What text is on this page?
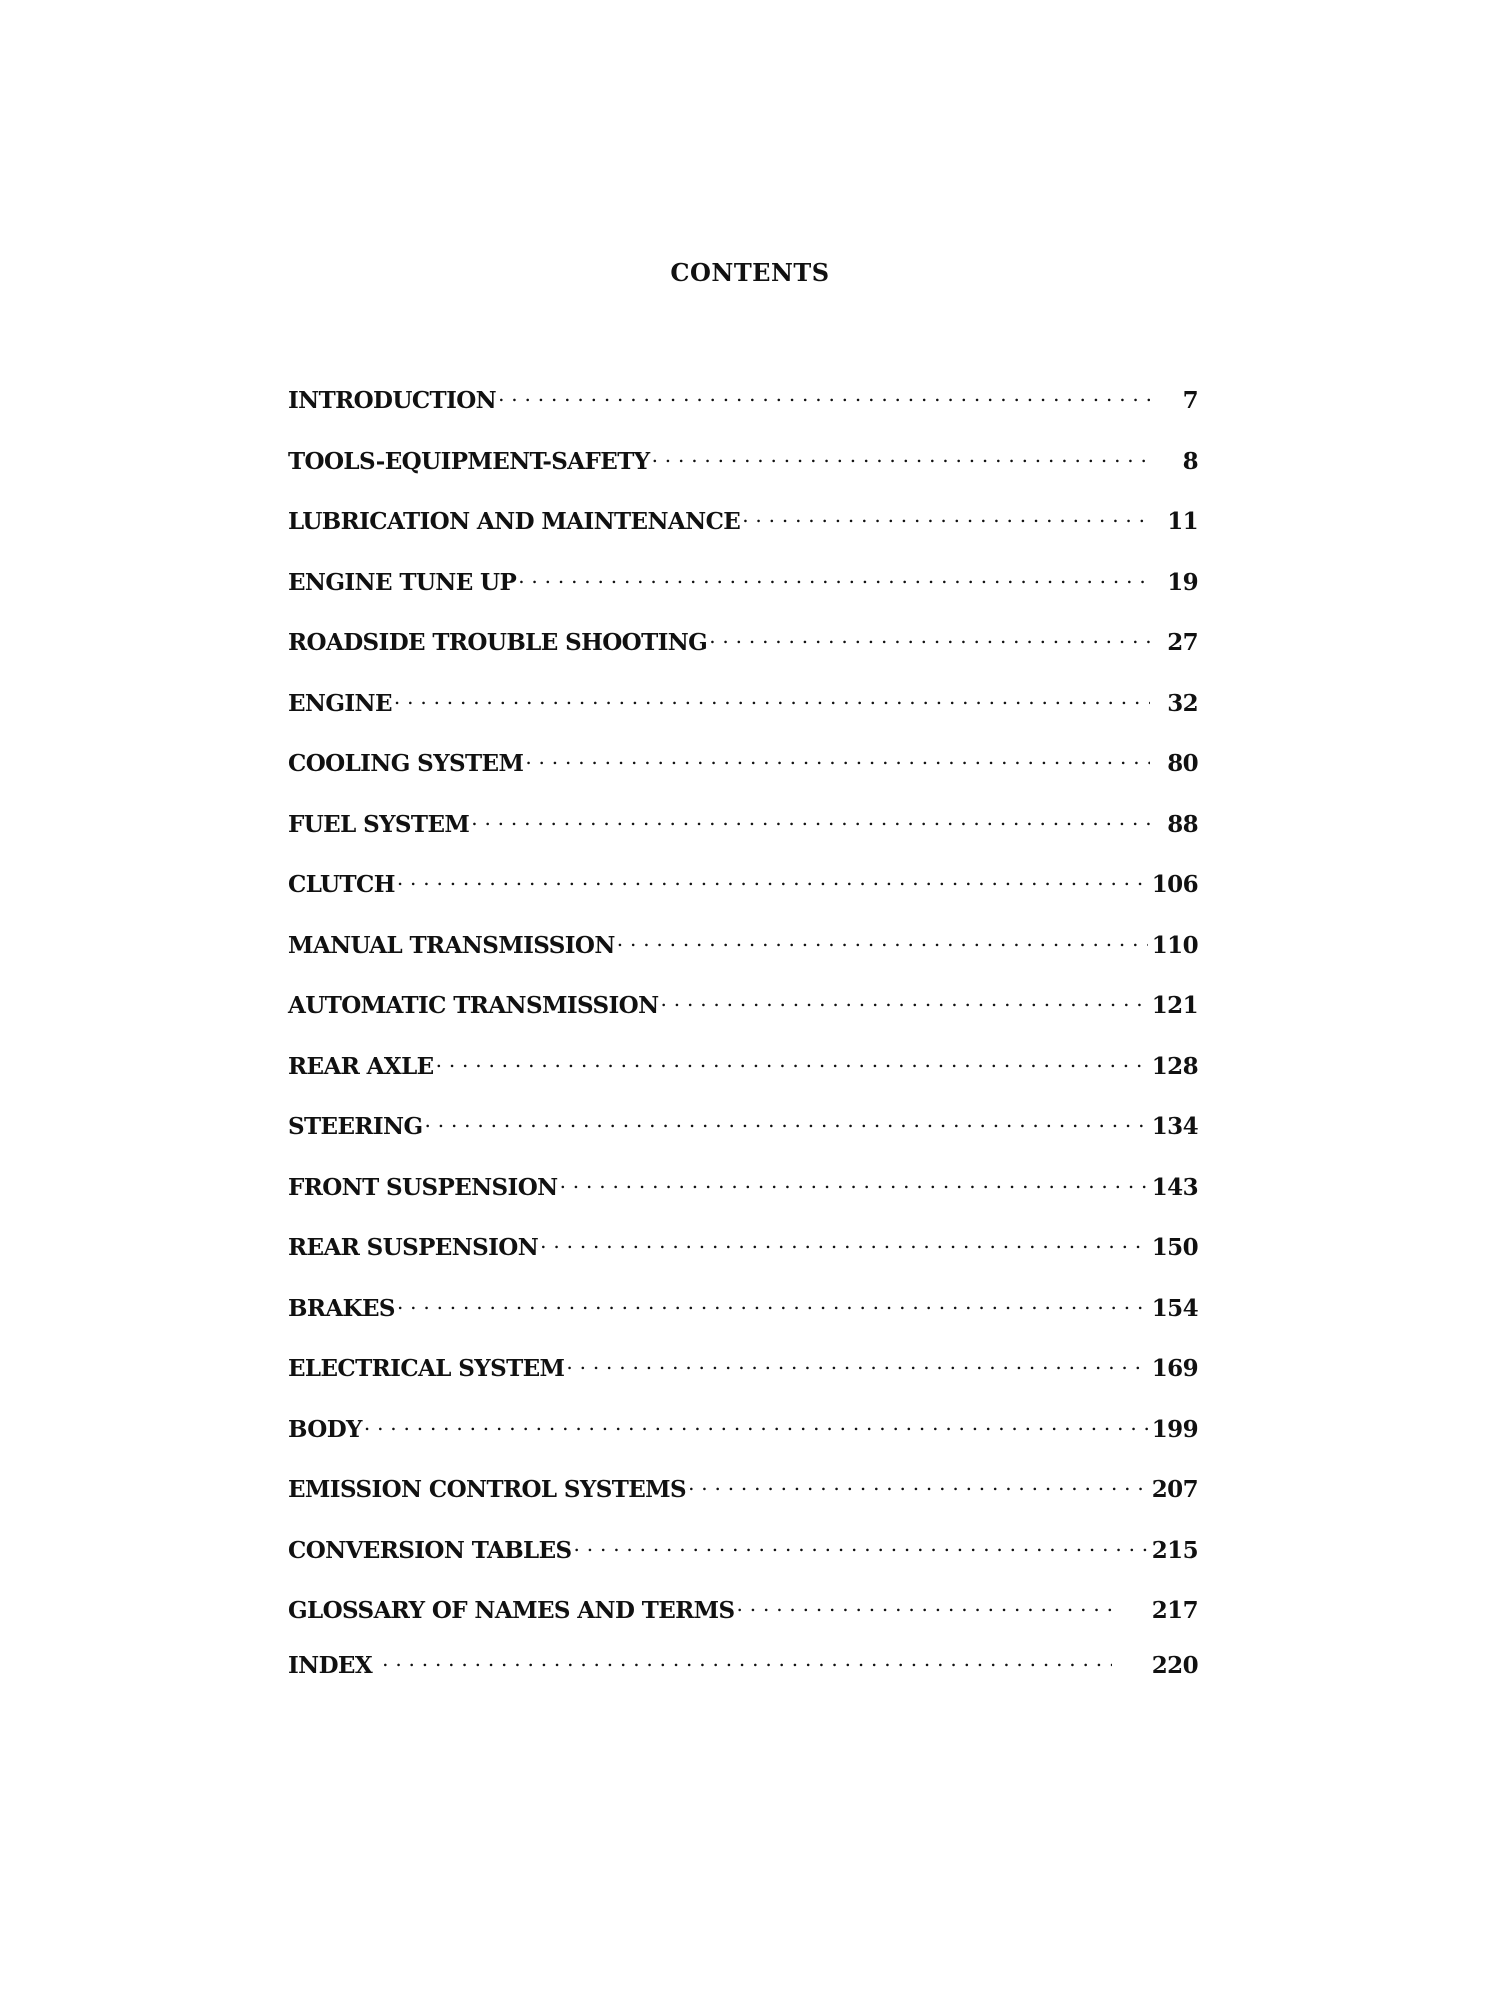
CONTENTS
INTRODUCTION . . .	7
TOOLS-EQUIPMENT-SAFETY . . .	8
LUBRICATION AND MAINTENANCE . . .	11
ENGINE TUNE UP . . .	19
ROADSIDE TROUBLE SHOOTING . . .	27
ENGINE . . .	32
COOLING SYSTEM . . .	80
FUEL SYSTEM . . .	88
CLUTCH . . .	106
MANUAL TRANSMISSION . . .	110
AUTOMATIC TRANSMISSION . . .	121
REAR AXLE . . .	128
STEERING . . .	134
FRONT SUSPENSION . . .	143
REAR SUSPENSION . . .	150
BRAKES . . .	154
ELECTRICAL SYSTEM . . .	169
BODY . . .	199
EMISSION CONTROL SYSTEMS . . .	207
CONVERSION TABLES . . .	215
GLOSSARY OF NAMES AND TERMS . . .	217
INDEX . . .	220
